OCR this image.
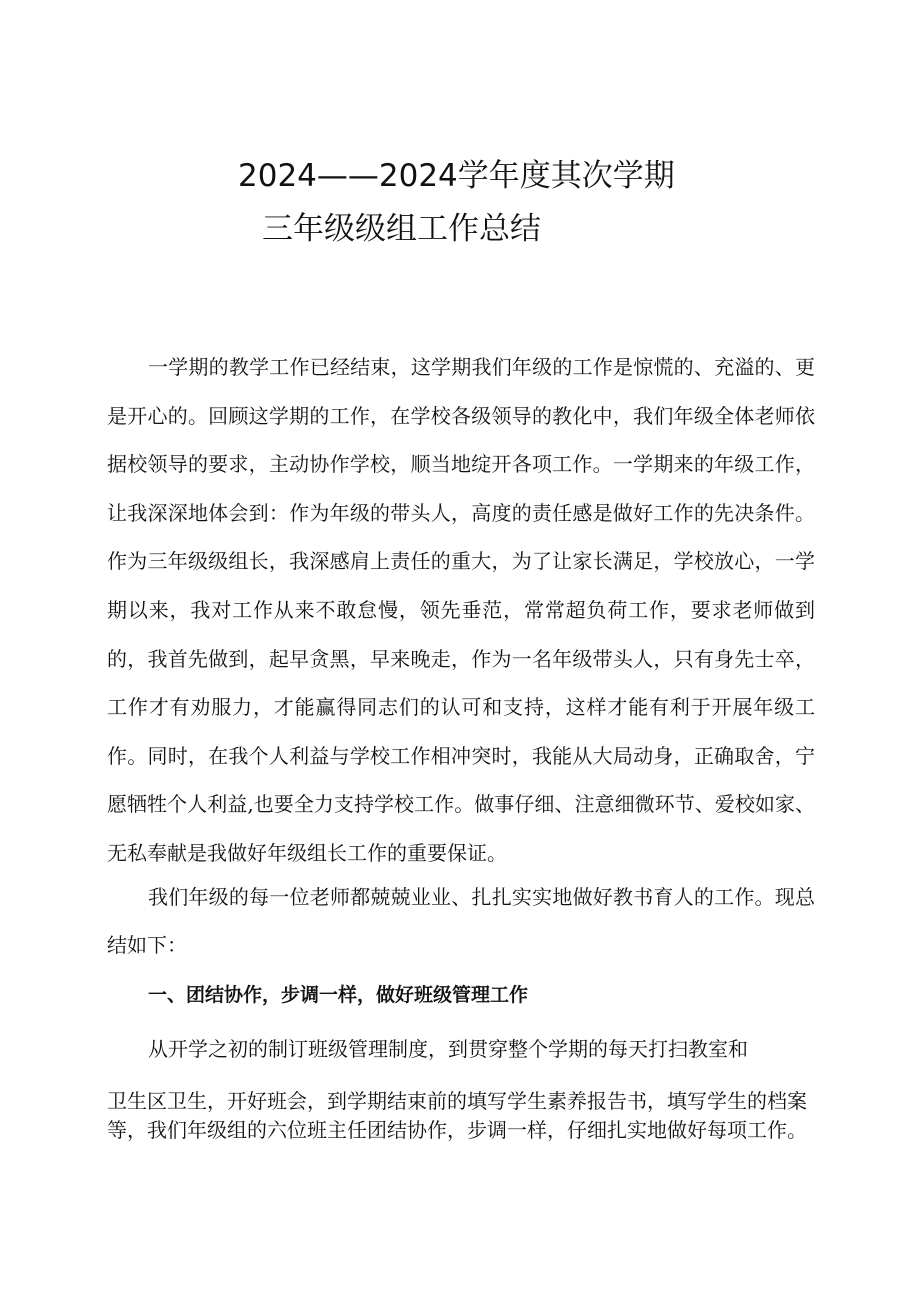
2024——2024学年度其次学期
三年级级组工作总结

一学期的教学工作已经结束，这学期我们年级的工作是惊慌的、充溢的、更是开心的。回顾这学期的工作，在学校各级领导的教化中，我们年级全体老师依据校领导的要求，主动协作学校，顺当地绽开各项工作。一学期来的年级工作，让我深深地体会到：作为年级的带头人，高度的责任感是做好工作的先决条件。作为三年级级组长，我深感肩上责任的重大，为了让家长满足，学校放心，一学期以来，我对工作从来不敢怠慢，领先垂范，常常超负荷工作，要求老师做到的，我首先做到，起早贪黑，早来晚走，作为一名年级带头人，只有身先士卒，工作才有劝服力，才能赢得同志们的认可和支持，这样才能有利于开展年级工作。同时，在我个人利益与学校工作相冲突时，我能从大局动身，正确取舍，宁愿牺牲个人利益,也要全力支持学校工作。做事仔细、注意细微环节、爱校如家、无私奉献是我做好年级组长工作的重要保证。

我们年级的每一位老师都兢兢业业、扎扎实实地做好教书育人的工作。现总结如下：

一、团结协作，步调一样，做好班级管理工作
从开学之初的制订班级管理制度，到贯穿整个学期的每天打扫教室和
卫生区卫生，开好班会，到学期结束前的填写学生素养报告书，填写学生的档案
等，我们年级组的六位班主任团结协作，步调一样，仔细扎实地做好每项工作。
